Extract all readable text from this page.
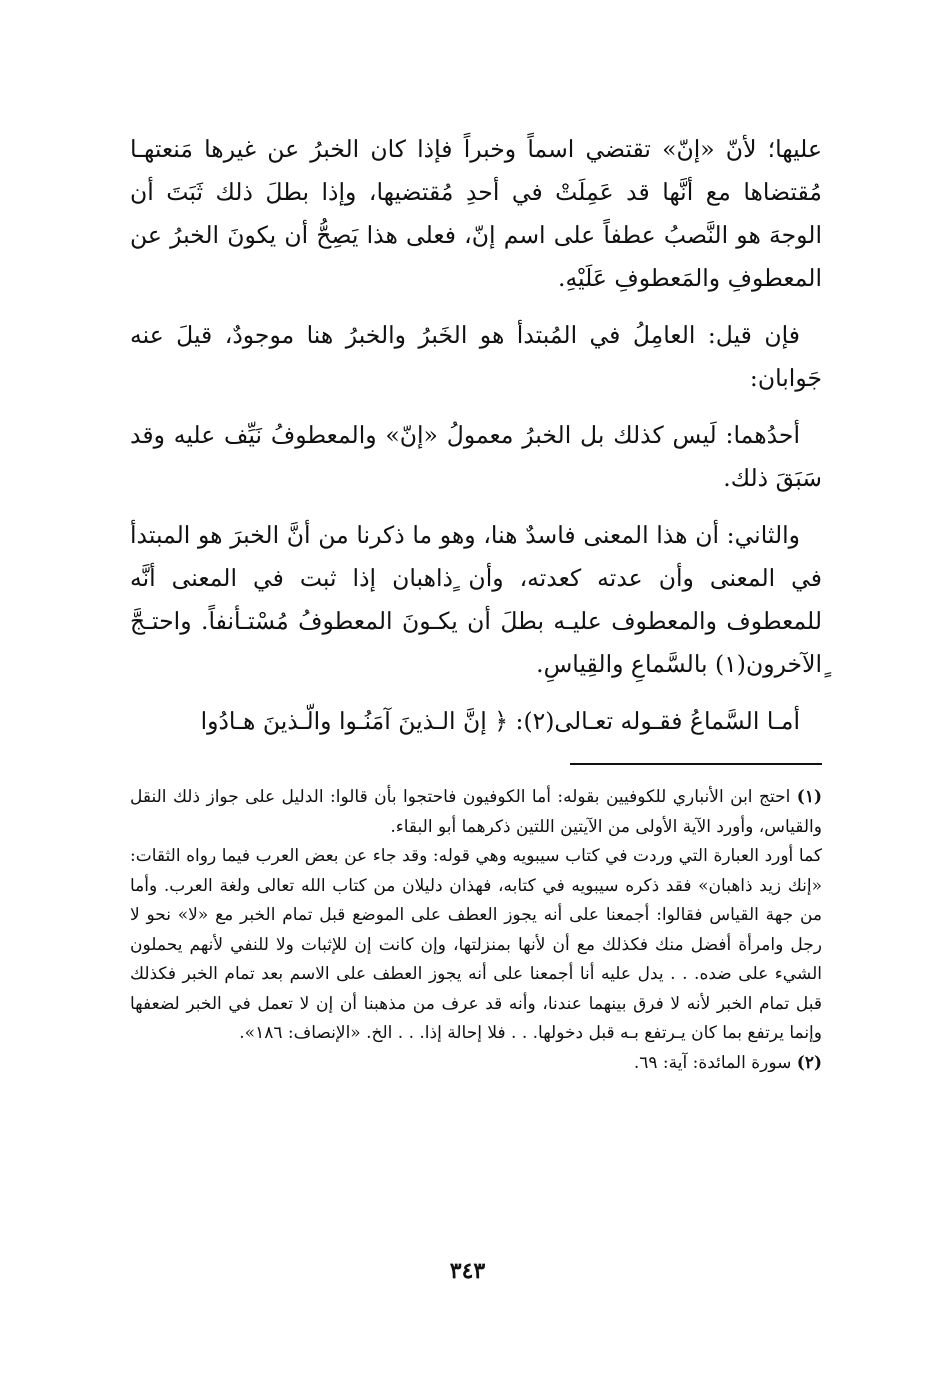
عليها؛ لأنّ «إنّ» تقتضي اسماً وخبراً فإذا كان الخبرُ عن غيرها مَنعتهـا مُقتضاها مع أنَّها قد عَمِلَتْ في أحدِ مُقتضيها، وإذا بطلَ ذلك ثَبَتَ أن الوجهَ هو النَّصبُ عطفاً على اسم إنّ، فعلى هذا يَصِحُّ أن يكونَ الخبرُ عن المعطوفِ والمَعطوفِ عَلَيْهِ.

فإن قيل: العامِلُ في المُبتدأ هو الخَبرُ والخبرُ هنا موجودٌ، قيلَ عنه جَوابان:

أحدُهما: لَيس كذلك بل الخبرُ معمولُ «إنّ» والمعطوفُ نَيِّف عليه وقد سَبَقَ ذلك.

والثاني: أن هذا المعنى فاسدٌ هنا، وهو ما ذكرنا من أنَّ الخبرَ هو المبتدأ في المعنى وأن عدته كعدته، وأن ٍذاهبان إذا ثبت في المعنى أنَّه للمعطوف والمعطوف عليـه بطلَ أن يكـونَ المعطوفُ مُسْتـأنفاً. واحتـجَّ ٍالآخرون(١) بالسَّماعِ والقِياسِ.

أمـا السَّماعُ فقـوله تعـالى(٢): ﴿ إنَّ الـذينَ آمَنُـوا والّـذينَ هـادُوا

(١) احتج ابن الأنباري للكوفيين بقوله: أما الكوفيون فاحتجوا بأن قالوا: الدليل على جواز ذلك النقل والقياس، وأورد الآية الأولى من الآيتين اللتين ذكرهما أبو البقاء.

كما أورد العبارة التي وردت في كتاب سيبويه وهي قوله: وقد جاء عن بعض العرب فيما رواه الثقات: «إنك زيد ذاهبان» فقد ذكره سيبويه في كتابه، فهذان دليلان من كتاب الله تعالى ولغة العرب. وأما من جهة القياس فقالوا: أجمعنا على أنه يجوز العطف على الموضع قبل تمام الخبر مع «لا» نحو لا رجل وامرأة أفضل منك فكذلك مع أن لأنها بمنزلتها، وإن كانت إن للإثبات ولا للنفي لأنهم يحملون الشيء على ضده. . . يدل عليه أنا أجمعنا على أنه يجوز العطف على الاسم بعد تمام الخبر فكذلك قبل تمام الخبر لأنه لا فرق بينهما عندنا، وأنه قد عرف من مذهبنا أن إن لا تعمل في الخبر لضعفها وإنما يرتفع بما كان يـرتفع بـه قبل دخولها. . . فلا إحالة إذا. . . الخ. «الإنصاف: ١٨٦».

(٢) سورة المائدة: آية: ٦٩.

٣٤٣
